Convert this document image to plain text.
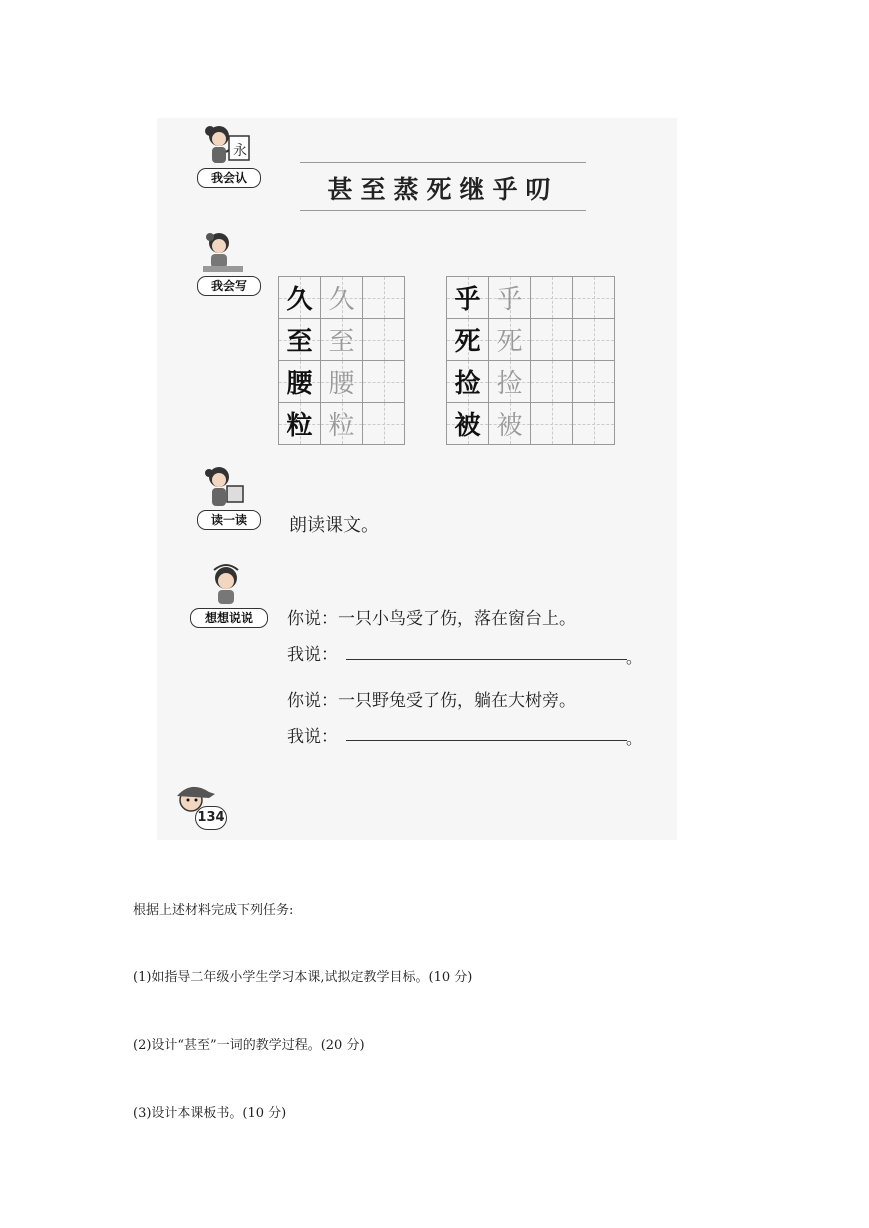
永
我会认	甚至蒸死继乎叨
我会写	久 久
至 至
腰 腰
粒 粒
乎 乎
死 死
捡 捡
被 被
读一读	朗读课文。
想想说说	你说：一只小鸟受了伤，落在窗台上。
我说：	。
你说：一只野兔受了伤，躺在大树旁。
我说：	。
134
根据上述材料完成下列任务:
(1)如指导二年级小学生学习本课,试拟定教学目标。(10 分)
(2)设计“甚至”一词的教学过程。(20 分)
(3)设计本课板书。(10 分)
